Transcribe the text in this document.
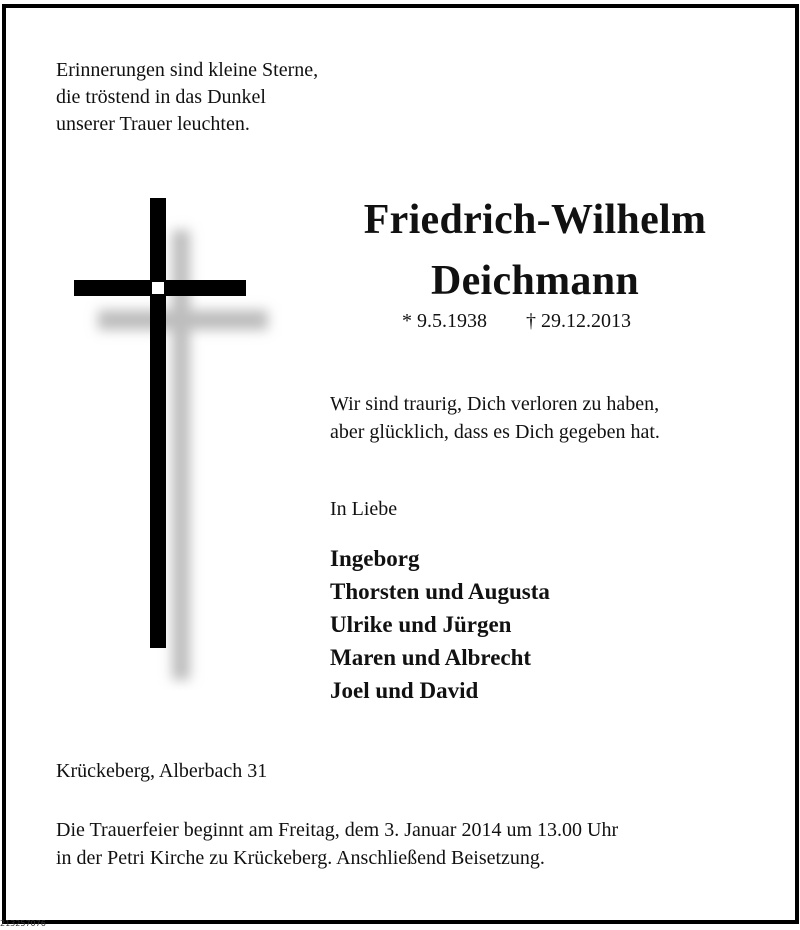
Erinnerungen sind kleine Sterne,
die tröstend in das Dunkel
unserer Trauer leuchten.
Friedrich-Wilhelm
Deichmann
* 9.5.1938 † 29.12.2013
Wir sind traurig, Dich verloren zu haben,
aber glücklich, dass es Dich gegeben hat.
In Liebe
Ingeborg
Thorsten und Augusta
Ulrike und Jürgen
Maren und Albrecht
Joel und David
Krückeberg, Alberbach 31
Die Trauerfeier beginnt am Freitag, dem 3. Januar 2014 um 13.00 Uhr
in der Petri Kirche zu Krückeberg. Anschließend Beisetzung.
213257076
